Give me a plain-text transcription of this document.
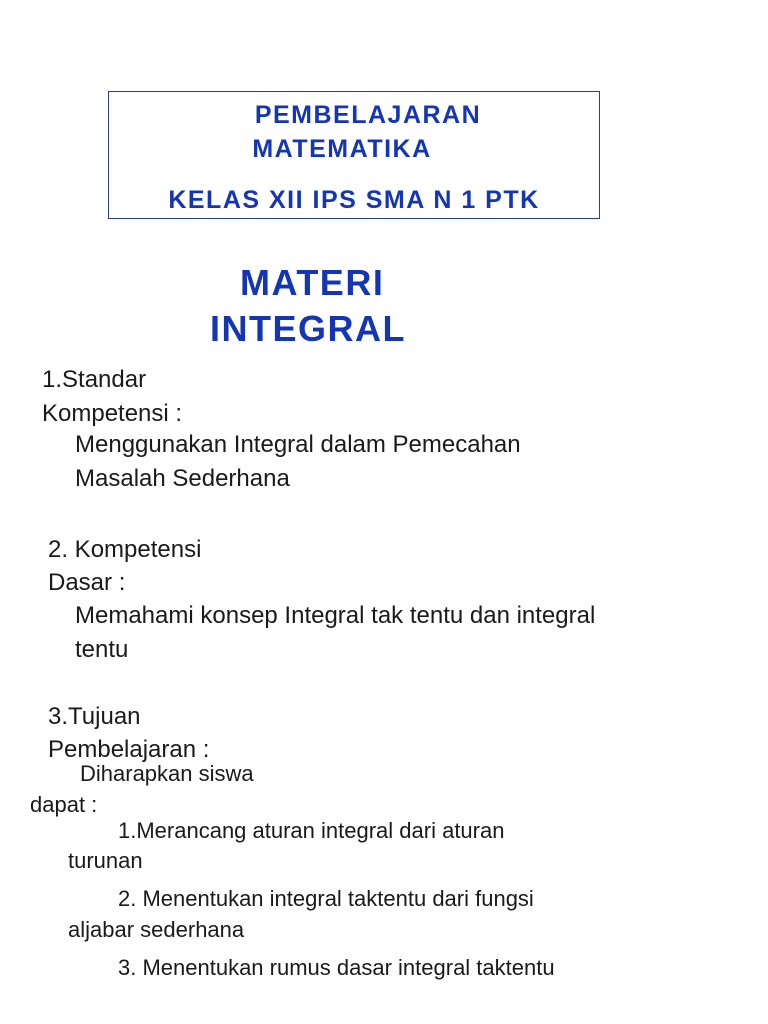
PEMBELAJARAN
MATEMATIKA
KELAS XII IPS SMA N 1 PTK
MATERI
INTEGRAL
1.Standar
Kompetensi :
Menggunakan Integral dalam Pemecahan
Masalah Sederhana
2. Kompetensi
Dasar :
Memahami konsep Integral tak tentu dan integral
tentu
3.Tujuan
Pembelajaran :
Diharapkan siswa
dapat :
1.Merancang aturan integral dari aturan
turunan
2. Menentukan integral taktentu dari fungsi
aljabar sederhana
3. Menentukan rumus dasar integral taktentu
